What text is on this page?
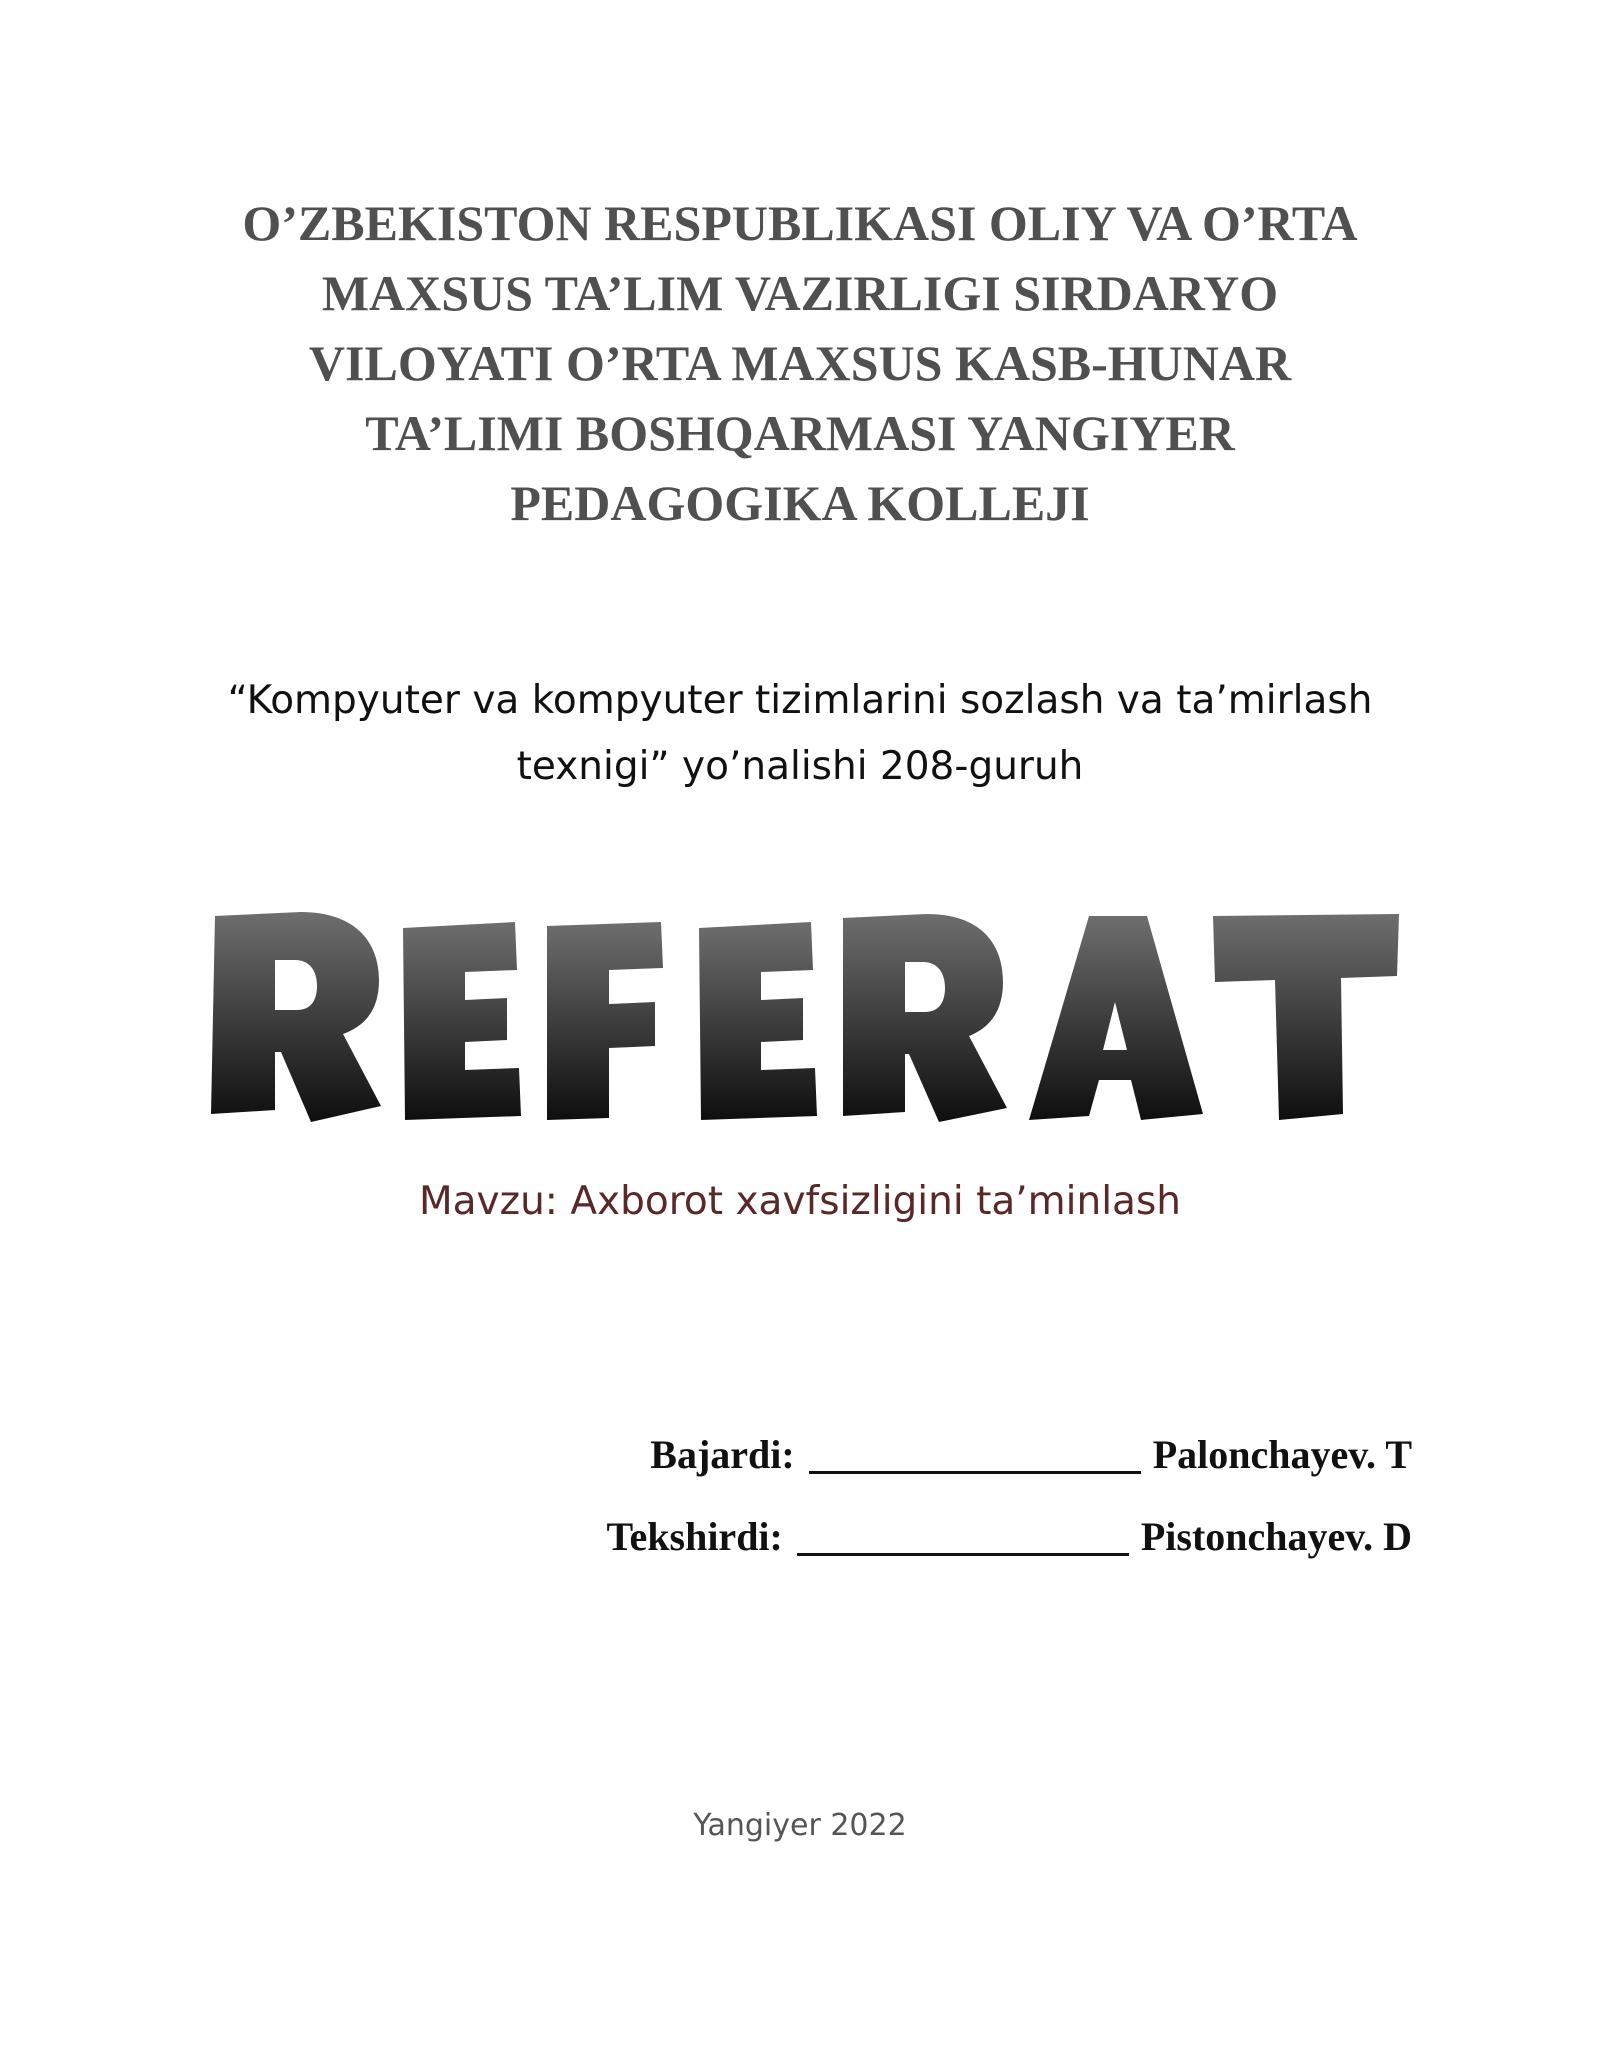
O’ZBEKISTON RESPUBLIKASI OLIY VA O’RTA
MAXSUS TA’LIM VAZIRLIGI SIRDARYO
VILOYATI O’RTA MAXSUS KASB-HUNAR
TA’LIMI BOSHQARMASI YANGIYER
PEDAGOGIKA KOLLEJI
“Kompyuter va kompyuter tizimlarini sozlash va ta’mirlash
texnigi” yo’nalishi 208-guruh
Mavzu: Axborot xavfsizligini ta’minlash
Bajardi:	Palonchayev. T
Tekshirdi:	Pistonchayev. D
Yangiyer 2022
